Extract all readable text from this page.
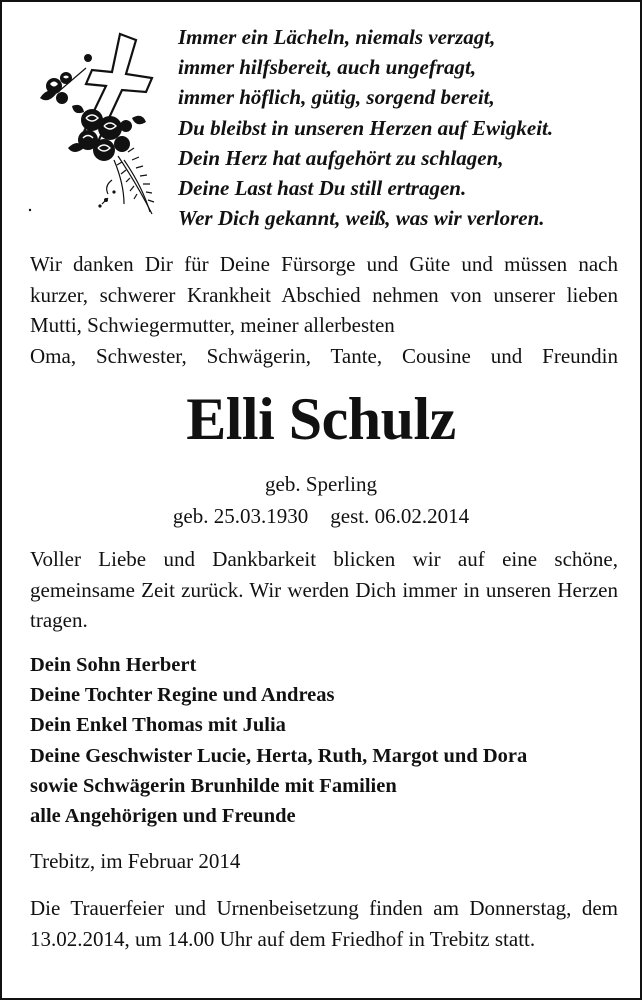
Immer ein Lächeln, niemals verzagt,
immer hilfsbereit, auch ungefragt,
immer höflich, gütig, sorgend bereit,
Du bleibst in unseren Herzen auf Ewigkeit.
Dein Herz hat aufgehört zu schlagen,
Deine Last hast Du still ertragen.
Wer Dich gekannt, weiß, was wir verloren.
Wir danken Dir für Deine Fürsorge und Güte und müssen nach kurzer, schwerer Krankheit Abschied nehmen von unserer lieben Mutti, Schwiegermutter, meiner allerbesten
Oma, Schwester, Schwägerin, Tante, Cousine und Freundin
Elli Schulz
geb. Sperling
geb. 25.03.1930 gest. 06.02.2014
Voller Liebe und Dankbarkeit blicken wir auf eine schöne, gemeinsame Zeit zurück. Wir werden Dich immer in unseren Herzen tragen.
Dein Sohn Herbert
Deine Tochter Regine und Andreas
Dein Enkel Thomas mit Julia
Deine Geschwister Lucie, Herta, Ruth, Margot und Dora
sowie Schwägerin Brunhilde mit Familien
alle Angehörigen und Freunde
Trebitz, im Februar 2014
Die Trauerfeier und Urnenbeisetzung finden am Donnerstag, dem 13.02.2014, um 14.00 Uhr auf dem Friedhof in Trebitz statt.
